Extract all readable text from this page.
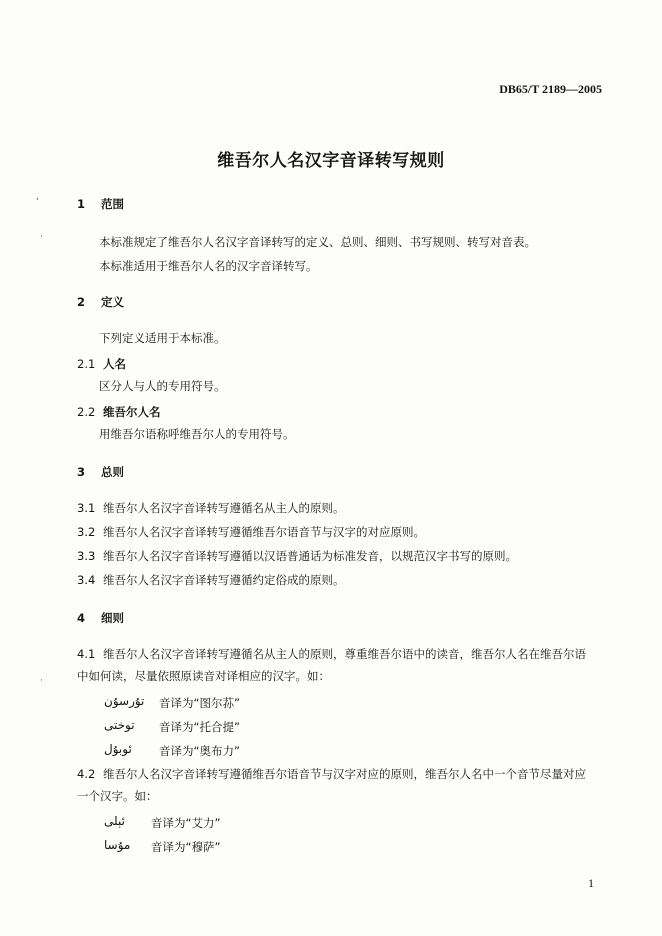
DB65/T 2189—2005
维吾尔人名汉字音译转写规则
,
·
·
1 范围
本标准规定了维吾尔人名汉字音译转写的定义、总则、细则、书写规则、转写对音表。
本标准适用于维吾尔人名的汉字音译转写。
2 定义
下列定义适用于本标准。
2.1 人名
区分人与人的专用符号。
2.2 维吾尔人名
用维吾尔语称呼维吾尔人的专用符号。
3 总则
3.1 维吾尔人名汉字音译转写遵循名从主人的原则。
3.2 维吾尔人名汉字音译转写遵循维吾尔语音节与汉字的对应原则。
3.3 维吾尔人名汉字音译转写遵循以汉语普通话为标准发音，以规范汉字书写的原则。
3.4 维吾尔人名汉字音译转写遵循约定俗成的原则。
4 细则
4.1 维吾尔人名汉字音译转写遵循名从主人的原则，尊重维吾尔语中的读音，维吾尔人名在维吾尔语
中如何读，尽量依照原读音对译相应的汉字。如：
تۇرسۇن 音译为“图尔荪”
توختى 音译为“托合提”
ئوبۇل 音译为“奥布力”
4.2 维吾尔人名汉字音译转写遵循维吾尔语音节与汉字对应的原则，维吾尔人名中一个音节尽量对应
一个汉字。如：
ئېلى 音译为“艾力”
مۇسا 音译为“穆萨”
1
